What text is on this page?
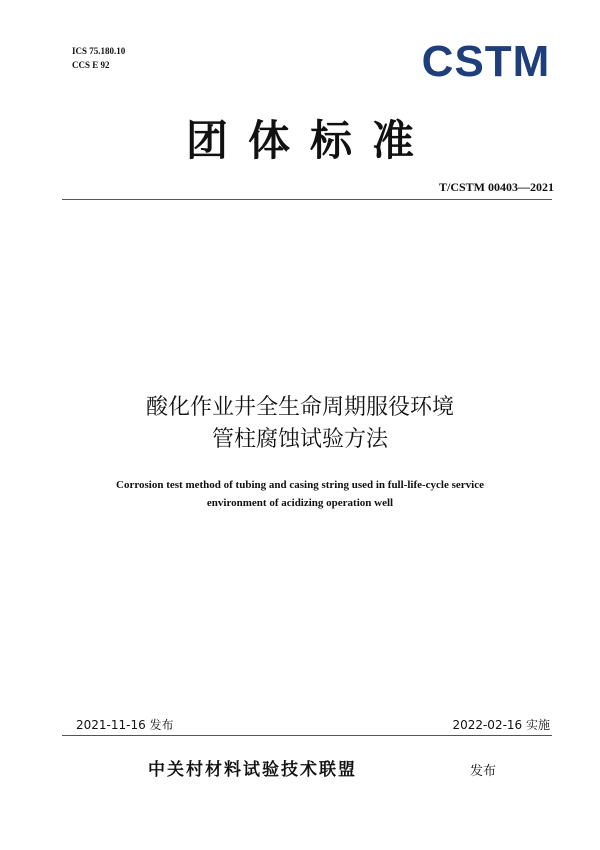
ICS 75.180.10
CCS E 92	CSTM
团体标准
T/CSTM 00403—2021
酸化作业井全生命周期服役环境
管柱腐蚀试验方法
Corrosion test method of tubing and casing string used in full-life-cycle service
environment of acidizing operation well
2021-11-16 发布	2022-02-16 实施
中关村材料试验技术联盟	发布
